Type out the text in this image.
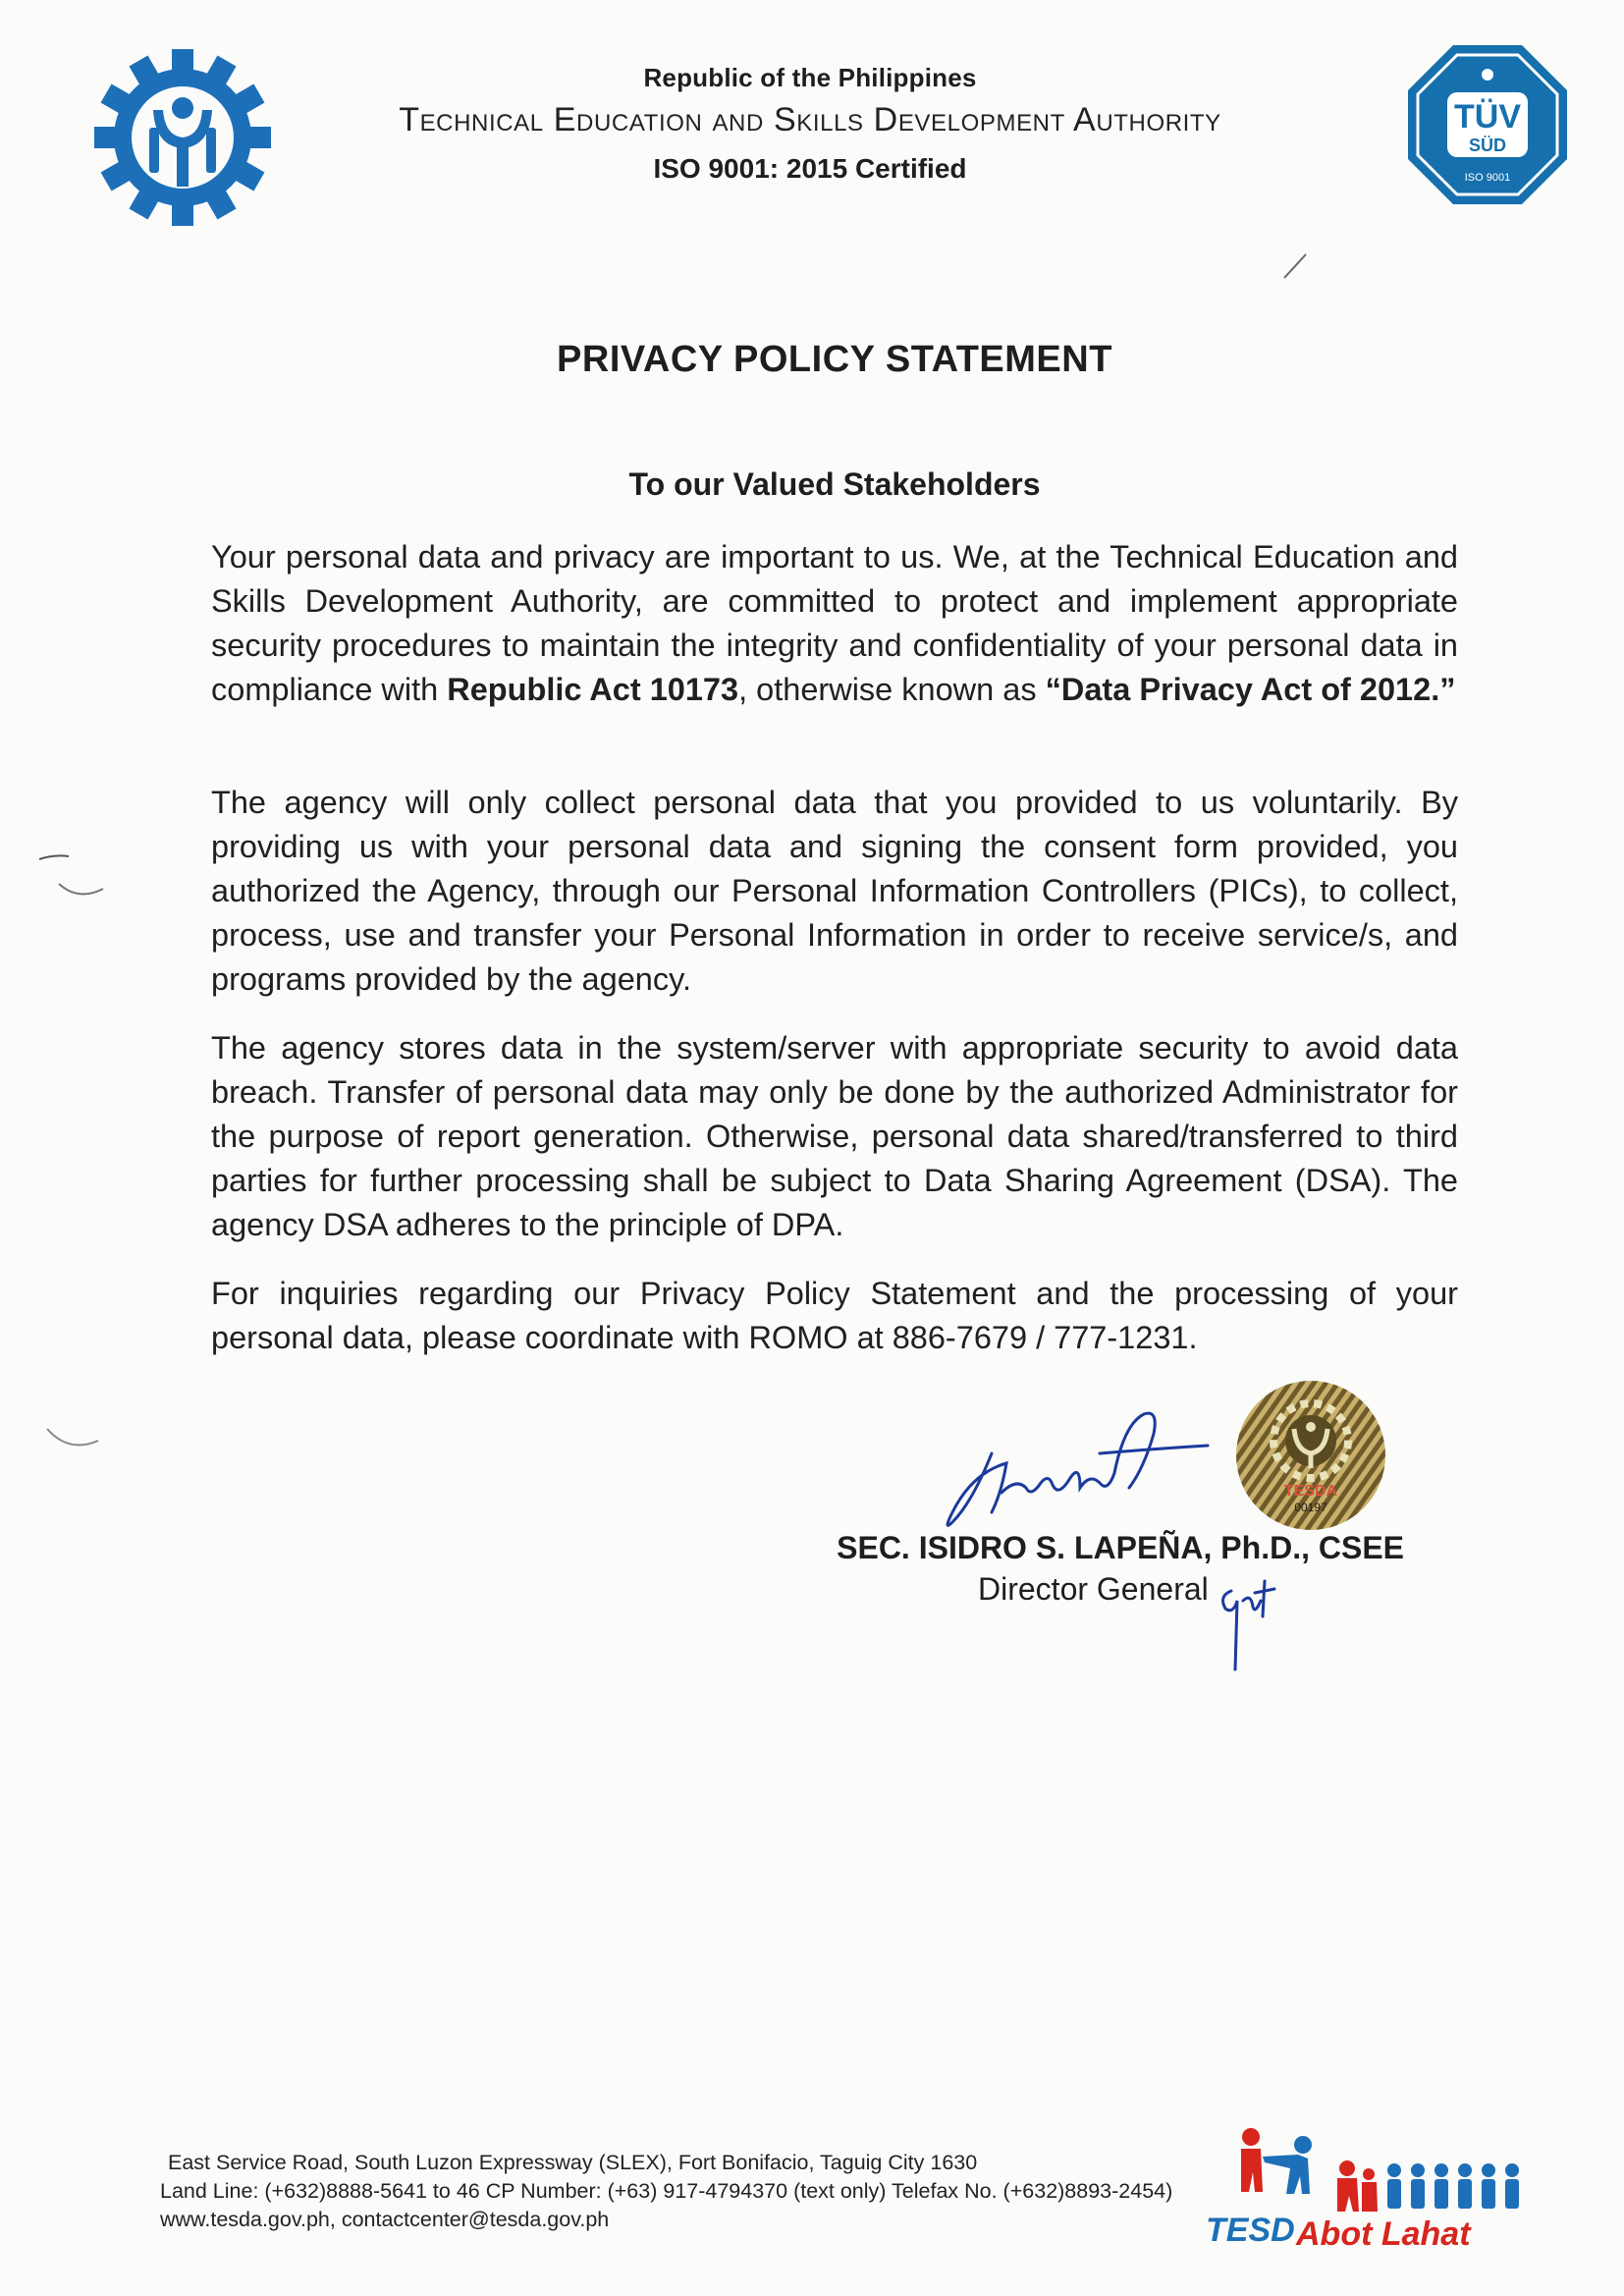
Republic of the Philippines
Technical Education and Skills Development Authority
ISO 9001: 2015 Certified
TÜV
SÜD
ISO 9001
PRIVACY POLICY STATEMENT
To our Valued Stakeholders
Your personal data and privacy are important to us. We, at the Technical Education and Skills Development Authority, are committed to protect and implement appropriate security procedures to maintain the integrity and confidentiality of your personal data in compliance with Republic Act 10173, otherwise known as “Data Privacy Act of 2012.”
The agency will only collect personal data that you provided to us voluntarily. By providing us with your personal data and signing the consent form provided, you authorized the Agency, through our Personal Information Controllers (PICs), to collect, process, use and transfer your Personal Information in order to receive service/s, and programs provided by the agency.
The agency stores data in the system/server with appropriate security to avoid data breach. Transfer of personal data may only be done by the authorized Administrator for the purpose of report generation. Otherwise, personal data shared/transferred to third parties for further processing shall be subject to Data Sharing Agreement (DSA). The agency DSA adheres to the principle of DPA.
For inquiries regarding our Privacy Policy Statement and the processing of your personal data, please coordinate with ROMO at 886-7679 / 777-1231.
TESDA
00197
SEC. ISIDRO S. LAPEÑA, Ph.D., CSEE
Director General
East Service Road, South Luzon Expressway (SLEX), Fort Bonifacio, Taguig City 1630
Land Line: (+632)8888-5641 to 46 CP Number: (+63) 917-4794370 (text only) Telefax No. (+632)8893-2454)
www.tesda.gov.ph, contactcenter@tesda.gov.ph	TESD Abot Lahat
